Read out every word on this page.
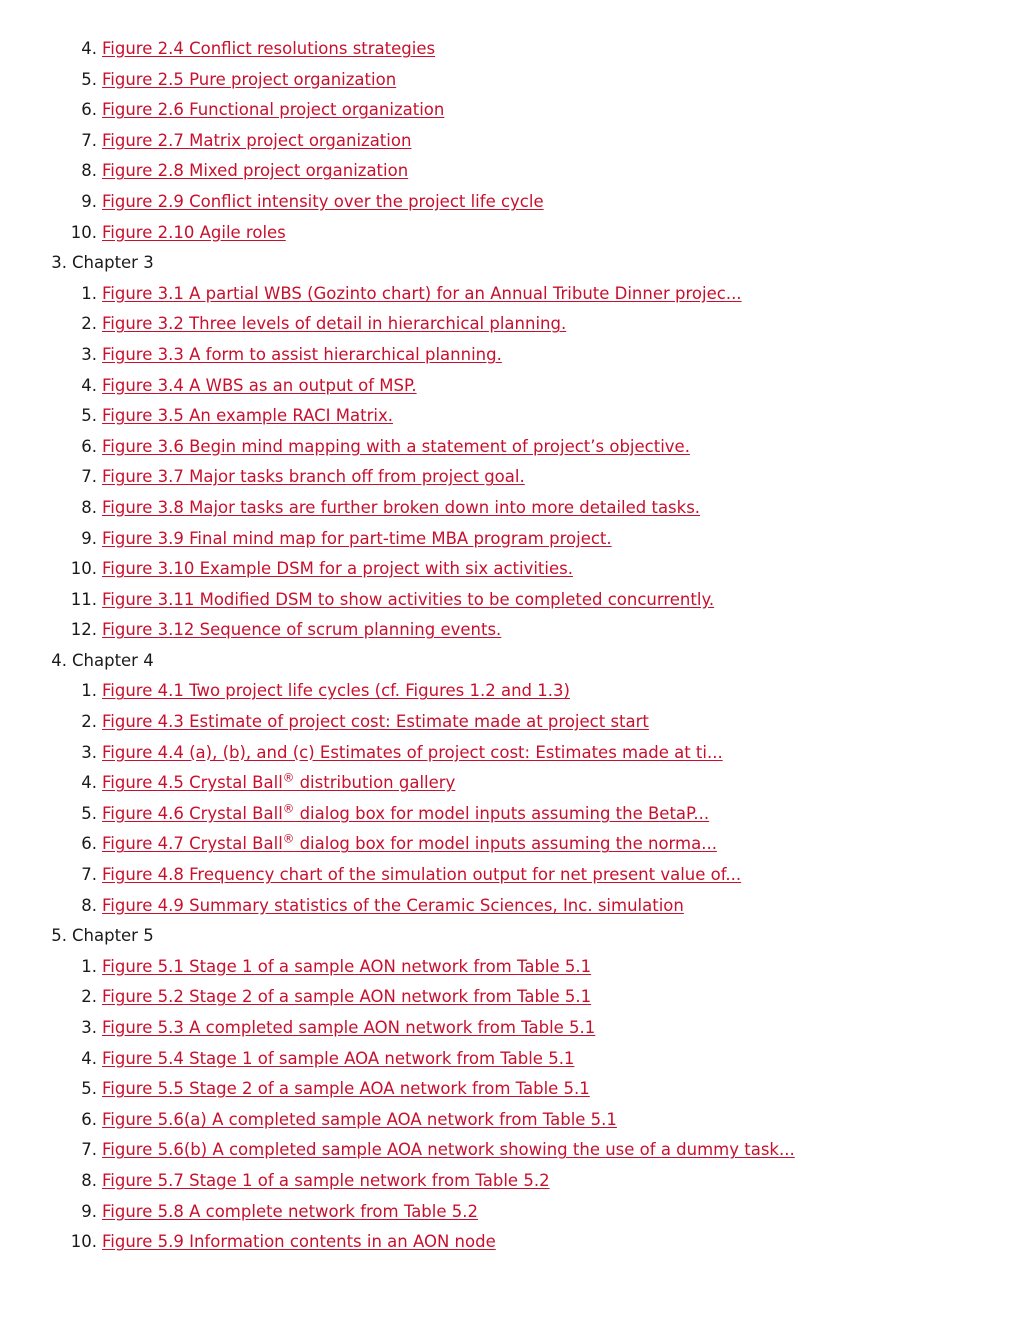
4. Figure 2.4 Conflict resolutions strategies
5. Figure 2.5 Pure project organization
6. Figure 2.6 Functional project organization
7. Figure 2.7 Matrix project organization
8. Figure 2.8 Mixed project organization
9. Figure 2.9 Conflict intensity over the project life cycle
10. Figure 2.10 Agile roles
3. Chapter 3
1. Figure 3.1 A partial WBS (Gozinto chart) for an Annual Tribute Dinner projec...
2. Figure 3.2 Three levels of detail in hierarchical planning.
3. Figure 3.3 A form to assist hierarchical planning.
4. Figure 3.4 A WBS as an output of MSP.
5. Figure 3.5 An example RACI Matrix.
6. Figure 3.6 Begin mind mapping with a statement of project’s objective.
7. Figure 3.7 Major tasks branch off from project goal.
8. Figure 3.8 Major tasks are further broken down into more detailed tasks.
9. Figure 3.9 Final mind map for part-time MBA program project.
10. Figure 3.10 Example DSM for a project with six activities.
11. Figure 3.11 Modified DSM to show activities to be completed concurrently.
12. Figure 3.12 Sequence of scrum planning events.
4. Chapter 4
1. Figure 4.1 Two project life cycles (cf. Figures 1.2 and 1.3)
2. Figure 4.3 Estimate of project cost: Estimate made at project start
3. Figure 4.4 (a), (b), and (c) Estimates of project cost: Estimates made at ti...
4. Figure 4.5 Crystal Ball® distribution gallery
5. Figure 4.6 Crystal Ball® dialog box for model inputs assuming the BetaP...
6. Figure 4.7 Crystal Ball® dialog box for model inputs assuming the norma...
7. Figure 4.8 Frequency chart of the simulation output for net present value of...
8. Figure 4.9 Summary statistics of the Ceramic Sciences, Inc. simulation
5. Chapter 5
1. Figure 5.1 Stage 1 of a sample AON network from Table 5.1
2. Figure 5.2 Stage 2 of a sample AON network from Table 5.1
3. Figure 5.3 A completed sample AON network from Table 5.1
4. Figure 5.4 Stage 1 of sample AOA network from Table 5.1
5. Figure 5.5 Stage 2 of a sample AOA network from Table 5.1
6. Figure 5.6(a) A completed sample AOA network from Table 5.1
7. Figure 5.6(b) A completed sample AOA network showing the use of a dummy task...
8. Figure 5.7 Stage 1 of a sample network from Table 5.2
9. Figure 5.8 A complete network from Table 5.2
10. Figure 5.9 Information contents in an AON node
